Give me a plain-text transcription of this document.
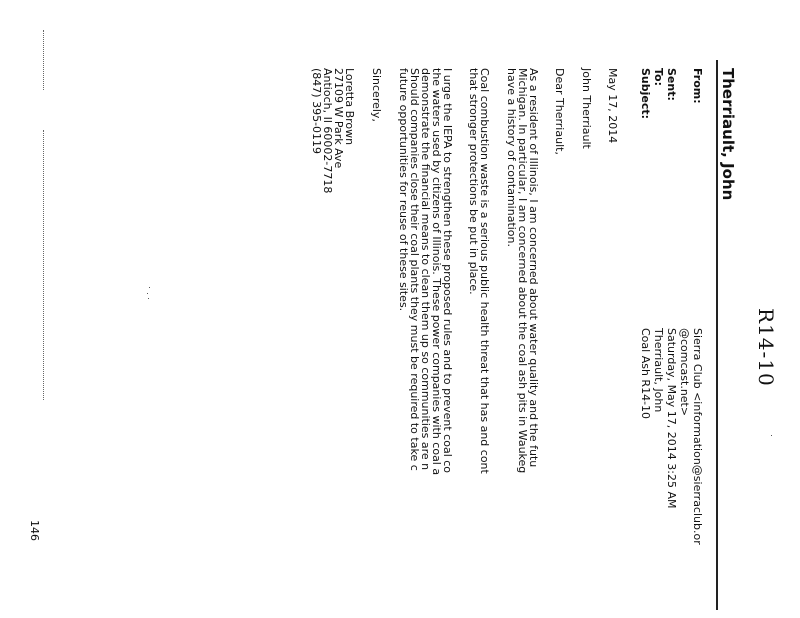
R14-10
Therriault, John
From:
Sierra Club <information@sierraclub.or
@comcast.net>
Sent:
Saturday, May 17, 2014 3:25 AM
To:
Therriault, John
Subject:
Coal Ash R14-10
May 17, 2014
John Therriault
Dear Therriault,
As a resident of Illinois, I am concerned about water quality and the futu
Michigan. In particular, I am concerned about the coal ash pits in Waukeg
have a history of contamination.
Coal combustion waste is a serious public health threat that has and cont
that stronger protections be put in place.
I urge the IEPA to strengthen these proposed rules and to prevent coal co
the waters used by citizens of Illinois. These power companies with coal a
demonstrate the financial means to clean them up so communities are n
Should companies close their coal plants they must be required to take c
future opportunities for reuse of these sites.
Sincerely,
Loretta Brown
27109 W Park Ave
Antioch, Il 60002-7718
(847) 395-0119
146
